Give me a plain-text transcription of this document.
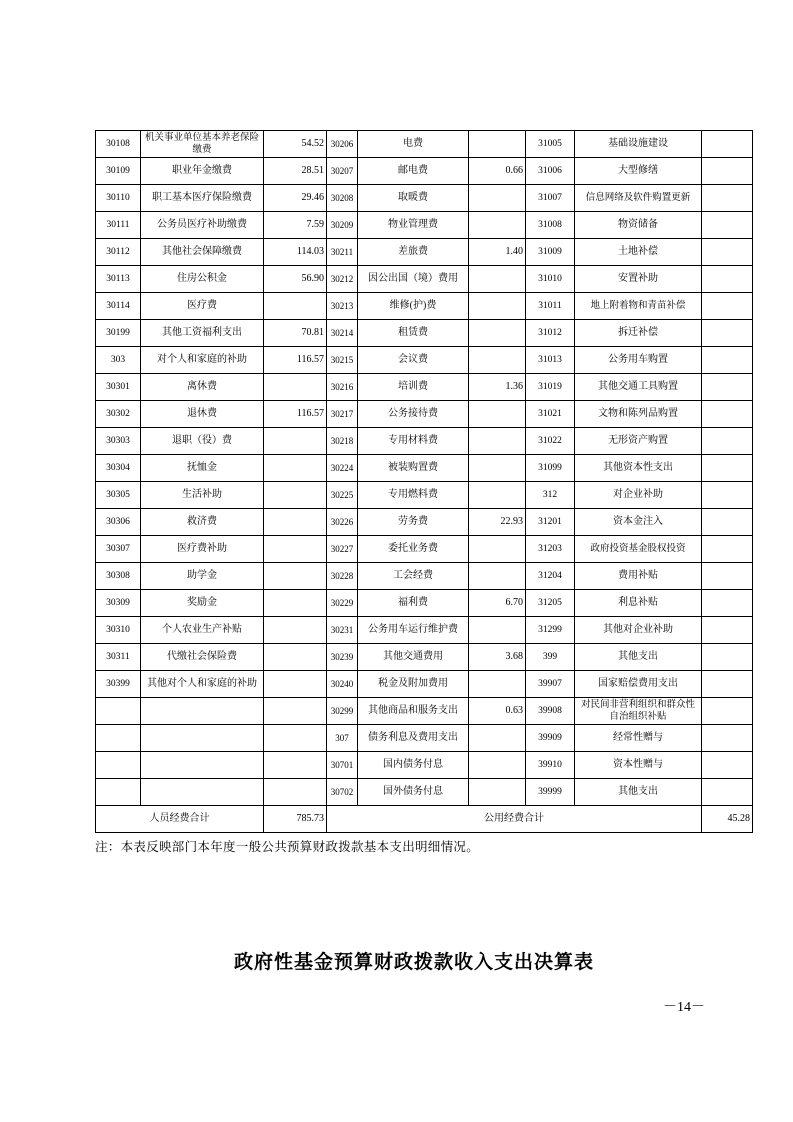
30108	机关事业单位基本养老保险缴费	54.52	30206	电费		31005	基础设施建设	
30109	职业年金缴费	28.51	30207	邮电费	0.66	31006	大型修缮	
30110	职工基本医疗保险缴费	29.46	30208	取暖费		31007	信息网络及软件购置更新	
30111	公务员医疗补助缴费	7.59	30209	物业管理费		31008	物资储备	
30112	其他社会保障缴费	114.03	30211	差旅费	1.40	31009	土地补偿	
30113	住房公积金	56.90	30212	因公出国（境）费用		31010	安置补助	
30114	医疗费		30213	维修(护)费		31011	地上附着物和青苗补偿	
30199	其他工资福利支出	70.81	30214	租赁费		31012	拆迁补偿	
303	对个人和家庭的补助	116.57	30215	会议费		31013	公务用车购置	
30301	离休费		30216	培训费	1.36	31019	其他交通工具购置	
30302	退休费	116.57	30217	公务接待费		31021	文物和陈列品购置	
30303	退职（役）费		30218	专用材料费		31022	无形资产购置	
30304	抚恤金		30224	被装购置费		31099	其他资本性支出	
30305	生活补助		30225	专用燃料费		312	对企业补助	
30306	救济费		30226	劳务费	22.93	31201	资本金注入	
30307	医疗费补助		30227	委托业务费		31203	政府投资基金股权投资	
30308	助学金		30228	工会经费		31204	费用补贴	
30309	奖励金		30229	福利费	6.70	31205	利息补贴	
30310	个人农业生产补贴		30231	公务用车运行维护费		31299	其他对企业补助	
30311	代缴社会保险费		30239	其他交通费用	3.68	399	其他支出	
30399	其他对个人和家庭的补助		30240	税金及附加费用		39907	国家赔偿费用支出	
			30299	其他商品和服务支出	0.63	39908	对民间非营利组织和群众性自治组织补贴	
			307	债务利息及费用支出		39909	经常性赠与	
			30701	国内债务付息		39910	资本性赠与	
			30702	国外债务付息		39999	其他支出	
人员经费合计		785.73	公用经费合计					45.28
注：本表反映部门本年度一般公共预算财政拨款基本支出明细情况。
政府性基金预算财政拨款收入支出决算表
－14－
